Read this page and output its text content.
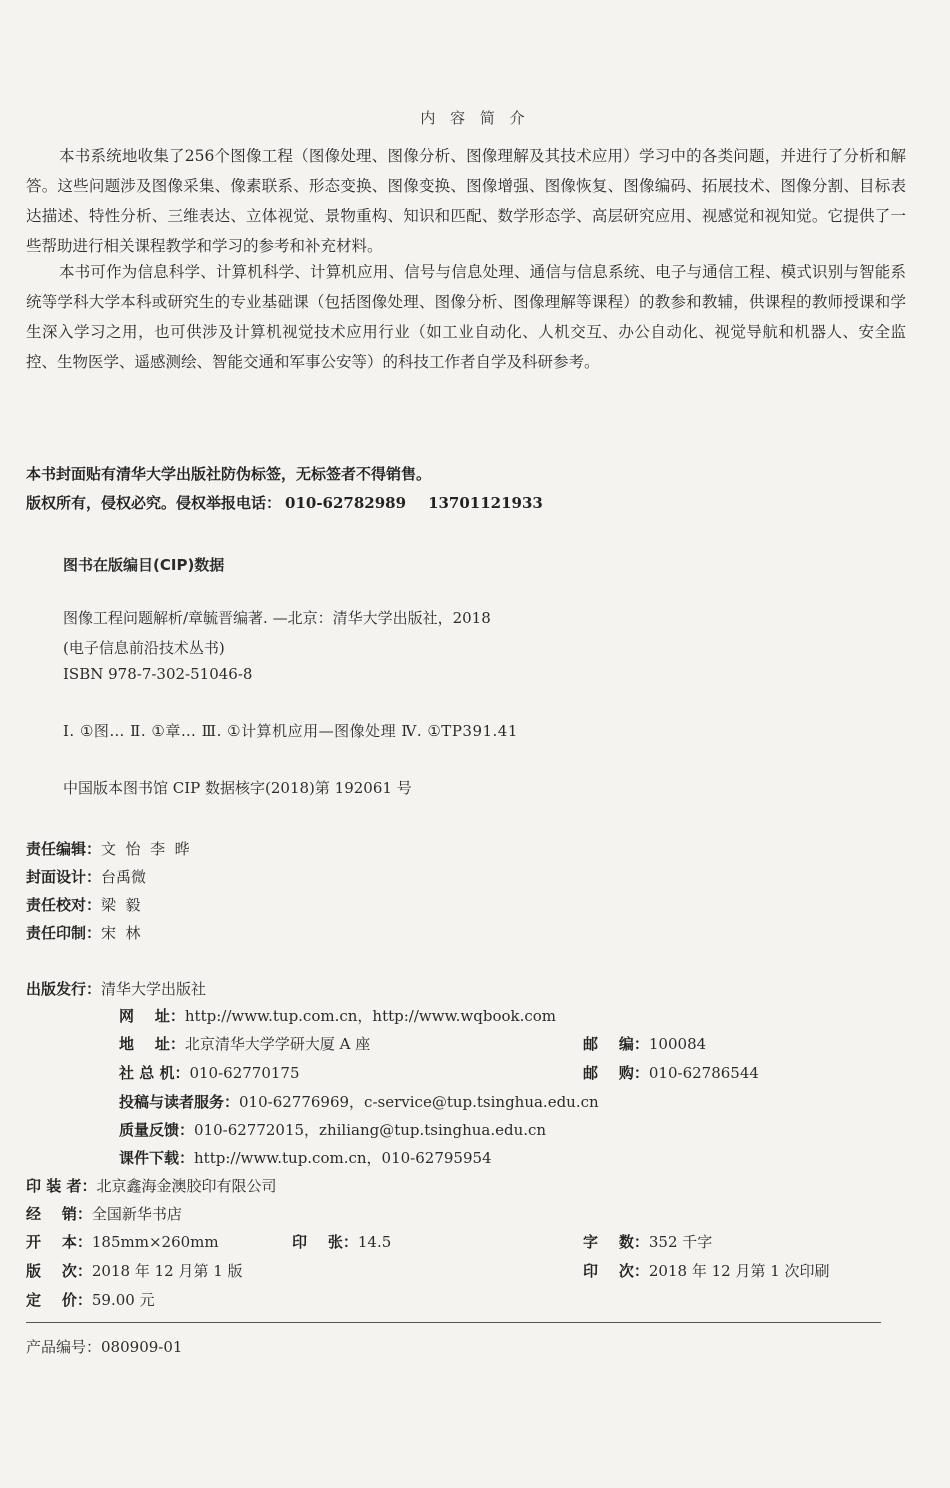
内 容 简 介

本书系统地收集了256个图像工程（图像处理、图像分析、图像理解及其技术应用）学习中的各类问题，并进行了分析和解答。这些问题涉及图像采集、像素联系、形态变换、图像变换、图像增强、图像恢复、图像编码、拓展技术、图像分割、目标表达描述、特性分析、三维表达、立体视觉、景物重构、知识和匹配、数学形态学、高层研究应用、视感觉和视知觉。它提供了一些帮助进行相关课程教学和学习的参考和补充材料。

本书可作为信息科学、计算机科学、计算机应用、信号与信息处理、通信与信息系统、电子与通信工程、模式识别与智能系统等学科大学本科或研究生的专业基础课（包括图像处理、图像分析、图像理解等课程）的教参和教辅，供课程的教师授课和学生深入学习之用，也可供涉及计算机视觉技术应用行业（如工业自动化、人机交互、办公自动化、视觉导航和机器人、安全监控、生物医学、遥感测绘、智能交通和军事公安等）的科技工作者自学及科研参考。

本书封面贴有清华大学出版社防伪标签，无标签者不得销售。
版权所有，侵权必究。侵权举报电话： 010-62782989 13701121933
图书在版编目(CIP)数据
图像工程问题解析/章毓晋编著. —北京：清华大学出版社，2018
(电子信息前沿技术丛书)
ISBN 978-7-302-51046-8
Ⅰ. ①图… Ⅱ. ①章… Ⅲ. ①计算机应用—图像处理 Ⅳ. ①TP391.41
中国版本图书馆 CIP 数据核字(2018)第 192061 号
责任编辑：文  怡  李  晔
封面设计：台禹微
责任校对：梁  毅
责任印制：宋  林
出版发行：清华大学出版社
网    址：http://www.tup.com.cn，http://www.wqbook.com
地    址：北京清华大学学研大厦 A 座	邮    编：100084
社 总 机：010-62770175	邮    购：010-62786544
投稿与读者服务：010-62776969，c-service@tup.tsinghua.edu.cn
质量反馈：010-62772015，zhiliang@tup.tsinghua.edu.cn
课件下载：http://www.tup.com.cn，010-62795954
印 装 者：北京鑫海金澳胶印有限公司
经    销：全国新华书店
开    本：185mm×260mm	印    张：14.5	字    数：352 千字
版    次：2018 年 12 月第 1 版	印    次：2018 年 12 月第 1 次印刷
定    价：59.00 元
产品编号：080909-01
